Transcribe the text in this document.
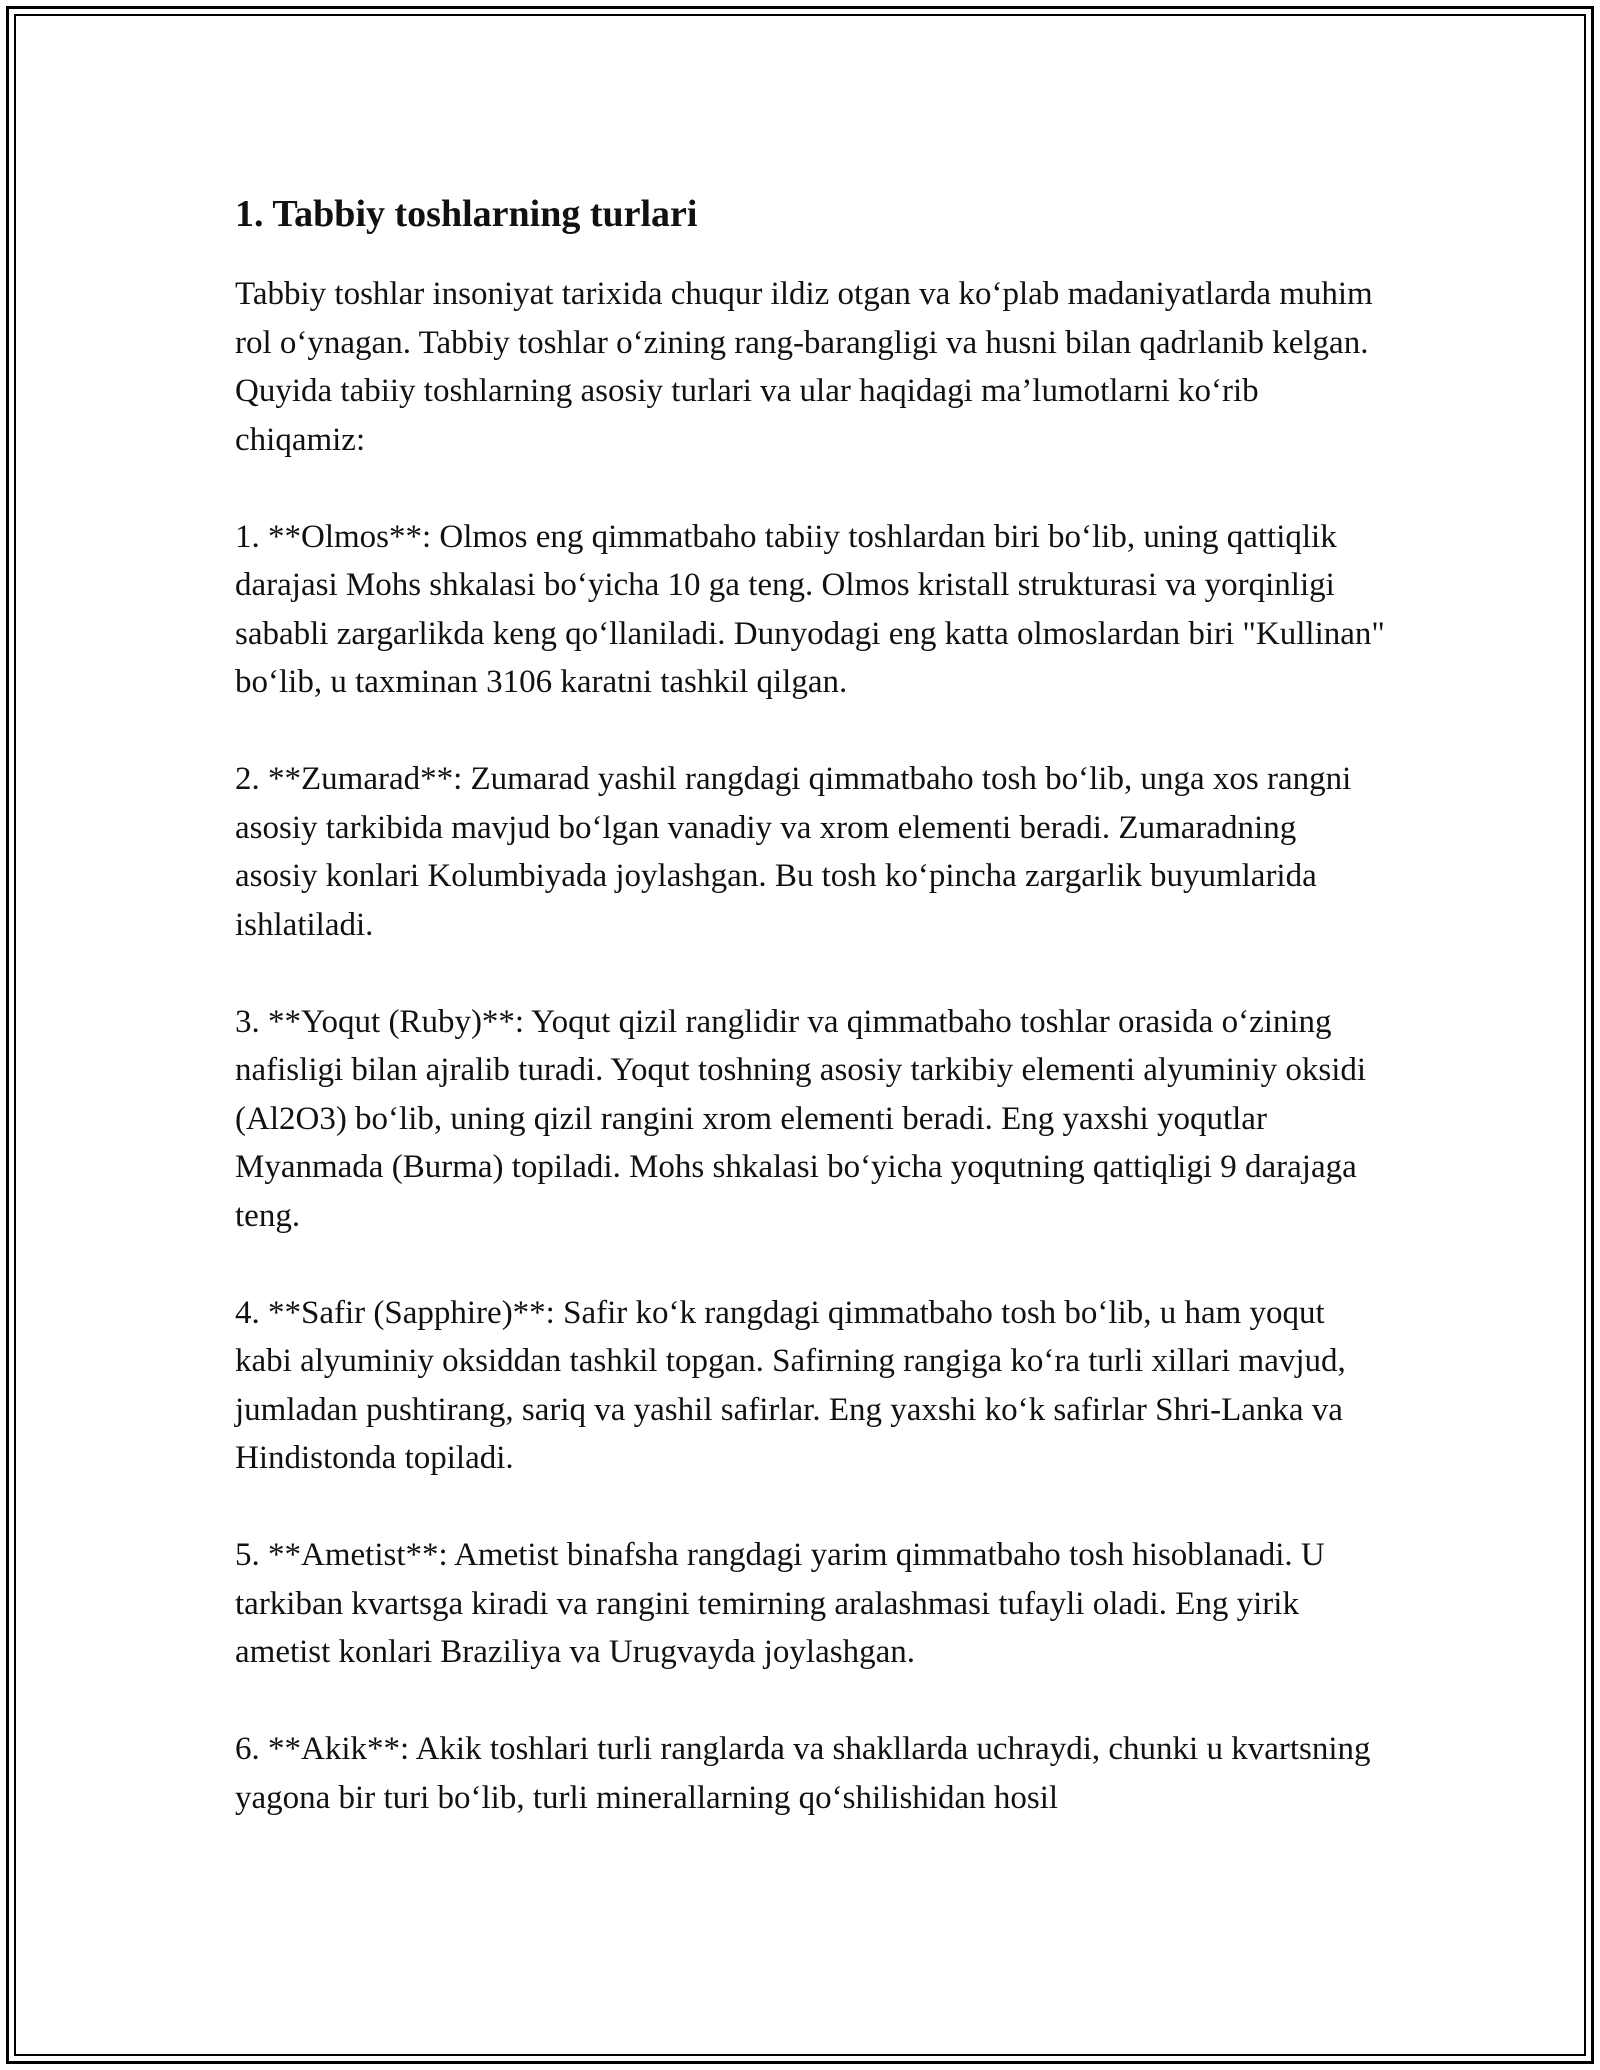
1. Tabbiy toshlarning turlari

Tabbiy toshlar insoniyat tarixida chuqur ildiz otgan va ko‘plab madaniyatlarda muhim rol o‘ynagan. Tabbiy toshlar o‘zining rang-barangligi va husni bilan qadrlanib kelgan. Quyida tabiiy toshlarning asosiy turlari va ular haqidagi ma’lumotlarni ko‘rib chiqamiz:

1. **Olmos**: Olmos eng qimmatbaho tabiiy toshlardan biri bo‘lib, uning qattiqlik darajasi Mohs shkalasi bo‘yicha 10 ga teng. Olmos kristall strukturasi va yorqinligi sababli zargarlikda keng qo‘llaniladi. Dunyodagi eng katta olmoslardan biri "Kullinan" bo‘lib, u taxminan 3106 karatni tashkil qilgan.

2. **Zumarad**: Zumarad yashil rangdagi qimmatbaho tosh bo‘lib, unga xos rangni asosiy tarkibida mavjud bo‘lgan vanadiy va xrom elementi beradi. Zumaradning asosiy konlari Kolumbiyada joylashgan. Bu tosh ko‘pincha zargarlik buyumlarida ishlatiladi.

3. **Yoqut (Ruby)**: Yoqut qizil ranglidir va qimmatbaho toshlar orasida o‘zining nafisligi bilan ajralib turadi. Yoqut toshning asosiy tarkibiy elementi alyuminiy oksidi (Al2O3) bo‘lib, uning qizil rangini xrom elementi beradi. Eng yaxshi yoqutlar Myanmada (Burma) topiladi. Mohs shkalasi bo‘yicha yoqutning qattiqligi 9 darajaga teng.

4. **Safir (Sapphire)**: Safir ko‘k rangdagi qimmatbaho tosh bo‘lib, u ham yoqut kabi alyuminiy oksiddan tashkil topgan. Safirning rangiga ko‘ra turli xillari mavjud, jumladan pushtirang, sariq va yashil safirlar. Eng yaxshi ko‘k safirlar Shri-Lanka va Hindistonda topiladi.

5. **Ametist**: Ametist binafsha rangdagi yarim qimmatbaho tosh hisoblanadi. U tarkiban kvartsga kiradi va rangini temirning aralashmasi tufayli oladi. Eng yirik ametist konlari Braziliya va Urugvayda joylashgan.

6. **Akik**: Akik toshlari turli ranglarda va shakllarda uchraydi, chunki u kvartsning yagona bir turi bo‘lib, turli minerallarning qo‘shilishidan hosil
